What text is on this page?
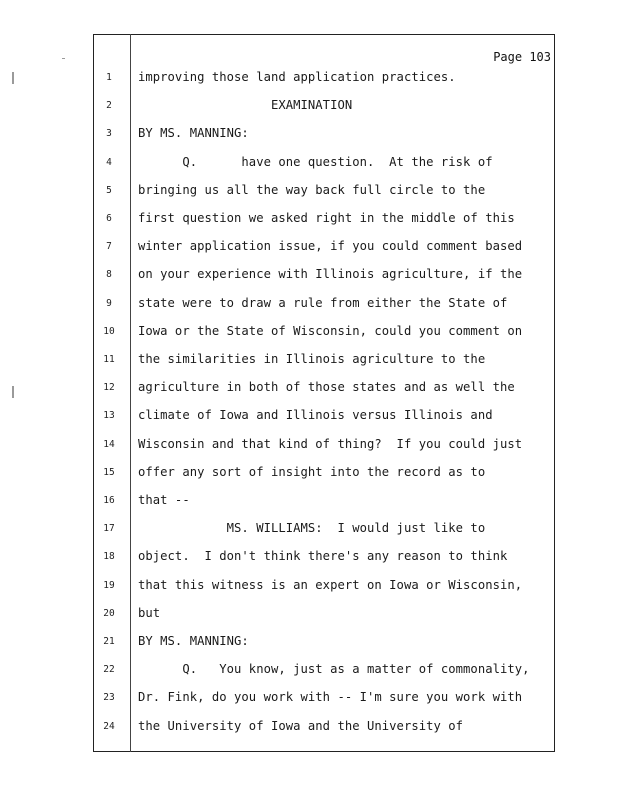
Page 103
1	improving those land application practices.
2	EXAMINATION
3	BY MS. MANNING:
4	Q.      have one question.  At the risk of
5	bringing us all the way back full circle to the
6	first question we asked right in the middle of this
7	winter application issue, if you could comment based
8	on your experience with Illinois agriculture, if the
9	state were to draw a rule from either the State of
10	Iowa or the State of Wisconsin, could you comment on
11	the similarities in Illinois agriculture to the
12	agriculture in both of those states and as well the
13	climate of Iowa and Illinois versus Illinois and
14	Wisconsin and that kind of thing?  If you could just
15	offer any sort of insight into the record as to
16	that --
17	MS. WILLIAMS:  I would just like to
18	object.  I don't think there's any reason to think
19	that this witness is an expert on Iowa or Wisconsin,
20	but
21	BY MS. MANNING:
22	Q.   You know, just as a matter of commonality,
23	Dr. Fink, do you work with -- I'm sure you work with
24	the University of Iowa and the University of
